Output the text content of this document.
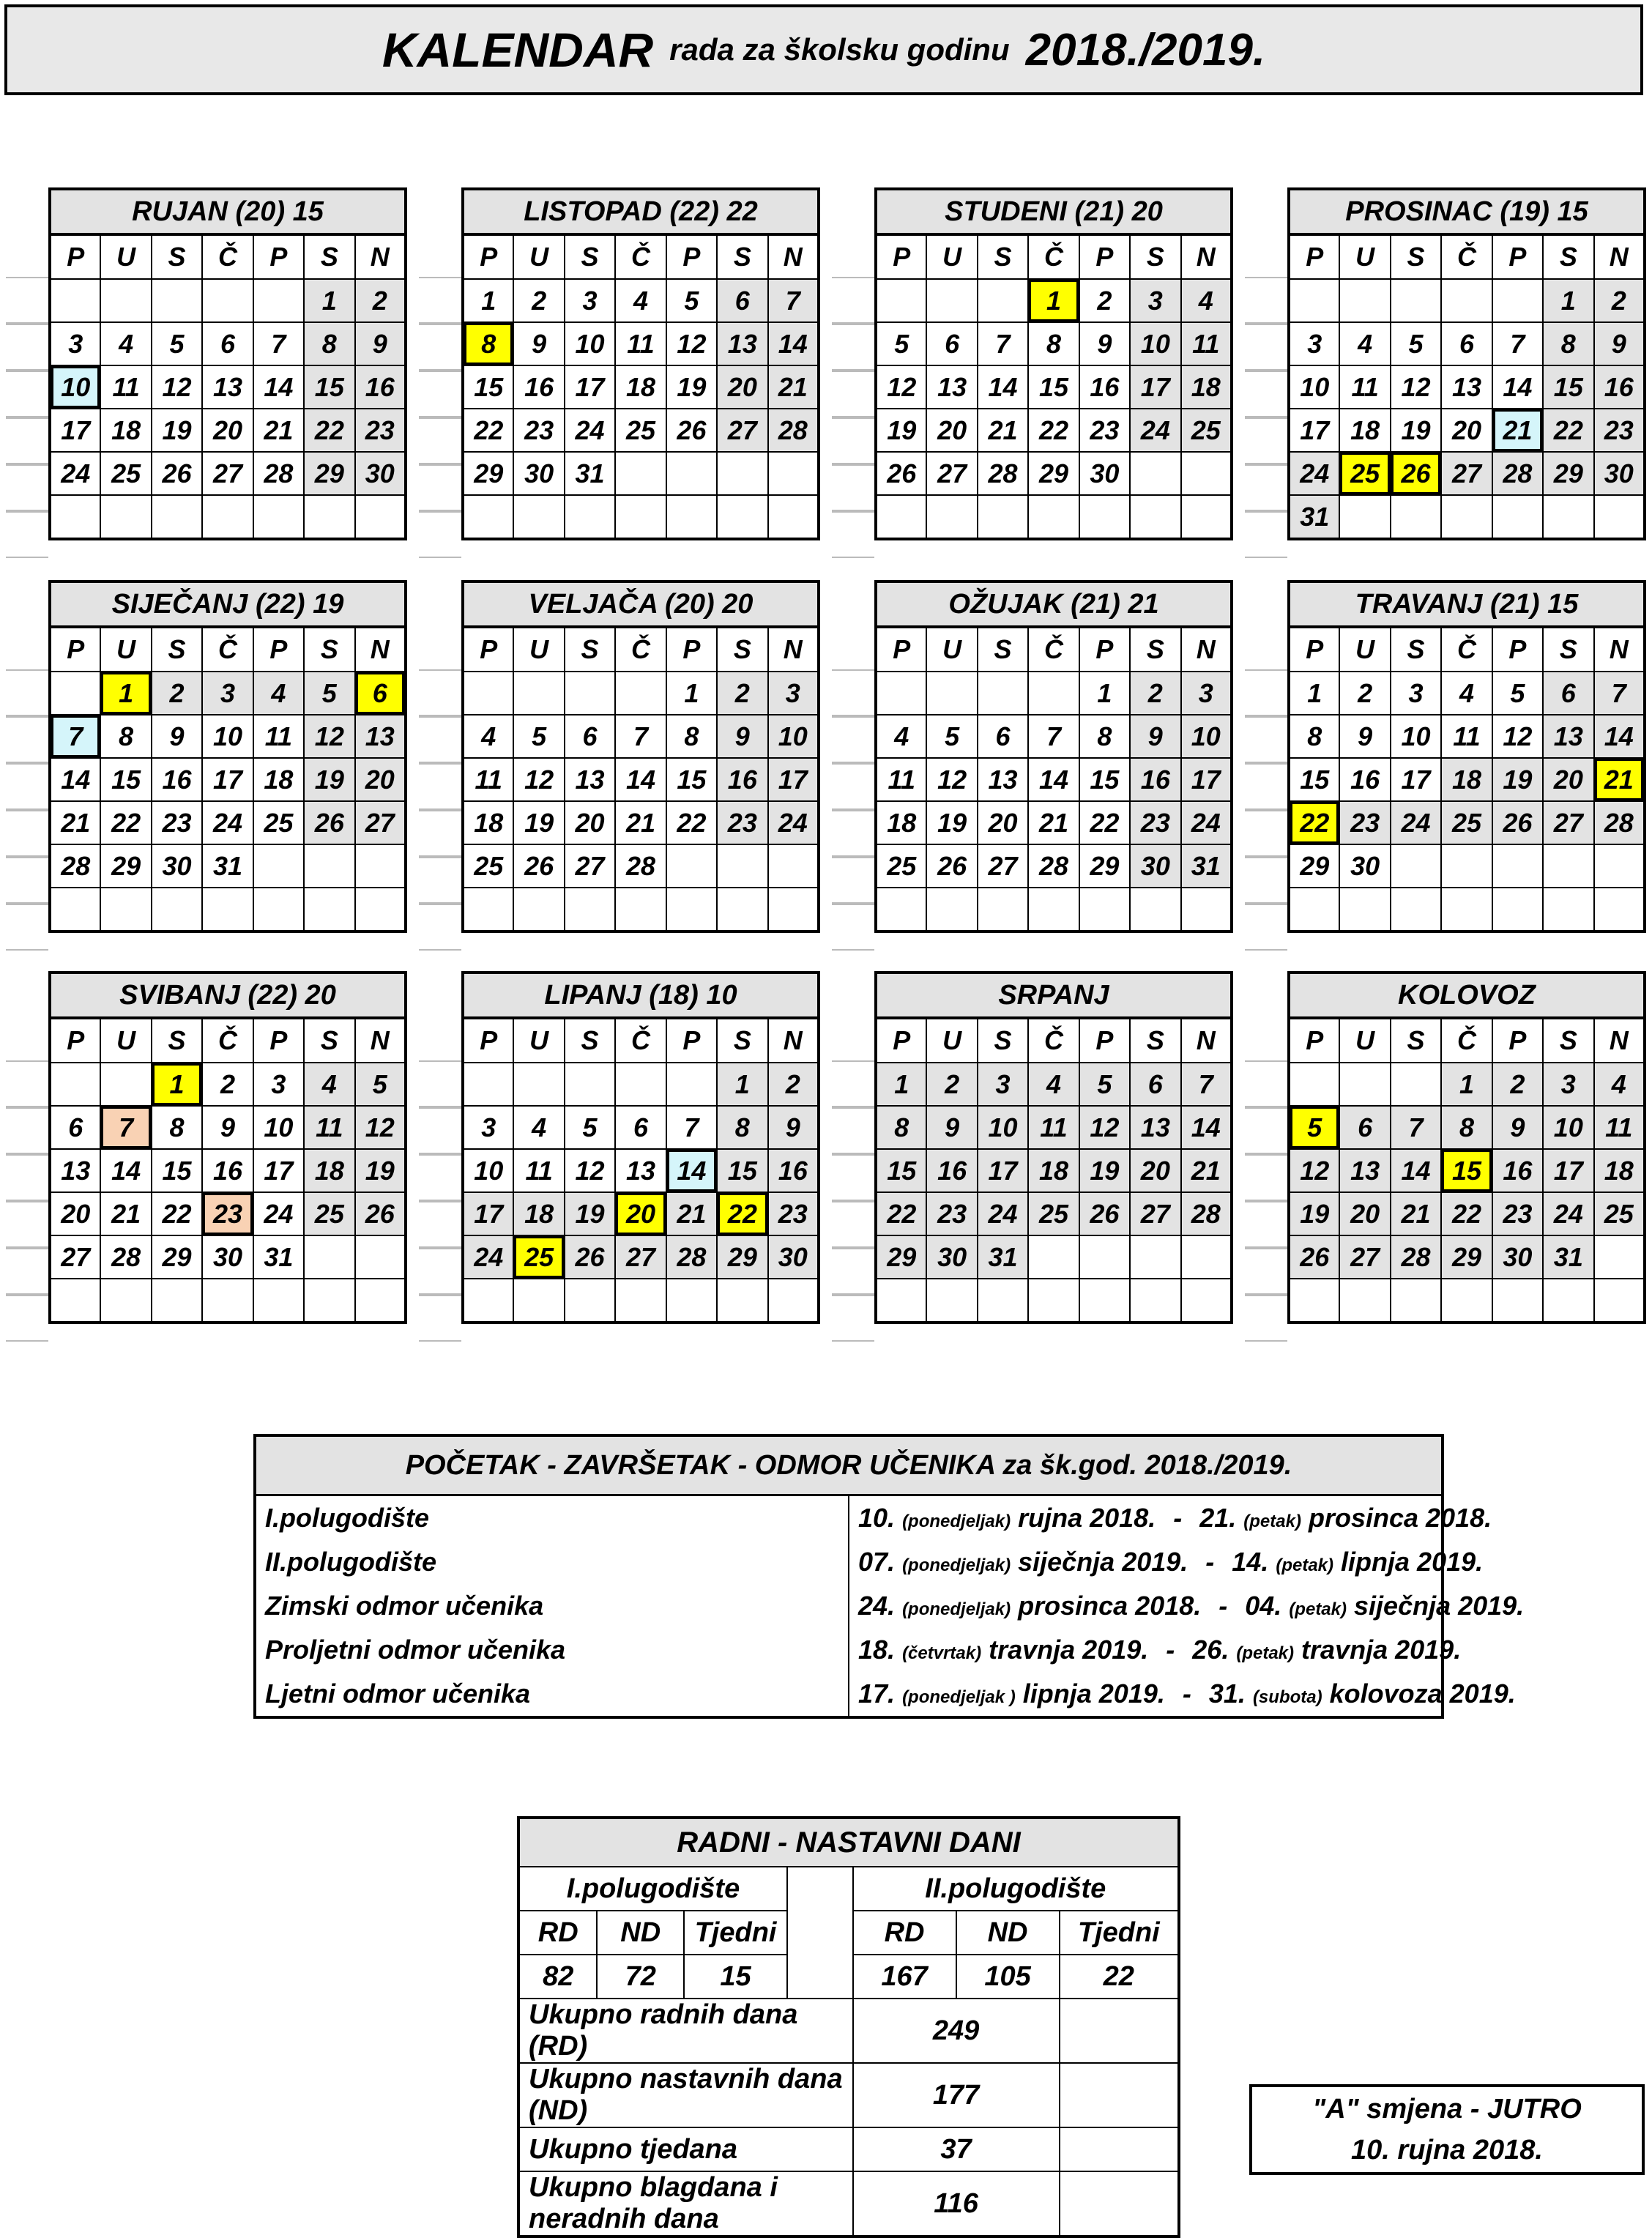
KALENDAR rada za školsku godinu 2018./2019.
RUJAN (20) 15						
P	U	S	Č	P	S	N
					1	2
3	4	5	6	7	8	9
10	11	12	13	14	15	16
17	18	19	20	21	22	23
24	25	26	27	28	29	30

LISTOPAD (22) 22						
P	U	S	Č	P	S	N
1	2	3	4	5	6	7
8	9	10	11	12	13	14
15	16	17	18	19	20	21
22	23	24	25	26	27	28
29	30	31				

STUDENI (21) 20						
P	U	S	Č	P	S	N
			1	2	3	4
5	6	7	8	9	10	11
12	13	14	15	16	17	18
19	20	21	22	23	24	25
26	27	28	29	30		

PROSINAC (19) 15						
P	U	S	Č	P	S	N
					1	2
3	4	5	6	7	8	9
10	11	12	13	14	15	16
17	18	19	20	21	22	23
24	25	26	27	28	29	30
31						
SIJEČANJ (22) 19						
P	U	S	Č	P	S	N
	1	2	3	4	5	6
7	8	9	10	11	12	13
14	15	16	17	18	19	20
21	22	23	24	25	26	27
28	29	30	31			

VELJAČA (20) 20						
P	U	S	Č	P	S	N
				1	2	3
4	5	6	7	8	9	10
11	12	13	14	15	16	17
18	19	20	21	22	23	24
25	26	27	28			

OŽUJAK (21) 21						
P	U	S	Č	P	S	N
				1	2	3
4	5	6	7	8	9	10
11	12	13	14	15	16	17
18	19	20	21	22	23	24
25	26	27	28	29	30	31

TRAVANJ (21) 15						
P	U	S	Č	P	S	N
1	2	3	4	5	6	7
8	9	10	11	12	13	14
15	16	17	18	19	20	21
22	23	24	25	26	27	28
29	30					

SVIBANJ (22) 20						
P	U	S	Č	P	S	N
		1	2	3	4	5
6	7	8	9	10	11	12
13	14	15	16	17	18	19
20	21	22	23	24	25	26
27	28	29	30	31		

LIPANJ (18) 10						
P	U	S	Č	P	S	N
					1	2
3	4	5	6	7	8	9
10	11	12	13	14	15	16
17	18	19	20	21	22	23
24	25	26	27	28	29	30

SRPANJ						
P	U	S	Č	P	S	N
1	2	3	4	5	6	7
8	9	10	11	12	13	14
15	16	17	18	19	20	21
22	23	24	25	26	27	28
29	30	31				

KOLOVOZ						
P	U	S	Č	P	S	N
			1	2	3	4
5	6	7	8	9	10	11
12	13	14	15	16	17	18
19	20	21	22	23	24	25
26	27	28	29	30	31	

POČETAK - ZAVRŠETAK - ODMOR UČENIKA za šk.god. 2018./2019.	
I.polugodište	10. (ponedjeljak) rujna 2018. - 21. (petak) prosinca 2018.
II.polugodište	07. (ponedjeljak) siječnja 2019. - 14. (petak) lipnja 2019.
Zimski odmor učenika	24. (ponedjeljak) prosinca 2018. - 04. (petak) siječnja 2019.
Proljetni odmor učenika	18. (četvrtak) travnja 2019. - 26. (petak) travnja 2019.
Ljetni odmor učenika	17. (ponedjeljak ) lipnja 2019. - 31. (subota) kolovoza 2019.
RADNI - NASTAVNI DANI						
I.polugodište				II.polugodište		
RD	ND	Tjedni		RD	ND	Tjedni
82	72	15		167	105	22
Ukupno radnih dana (RD)				249		
Ukupno nastavnih dana (ND)				177		
Ukupno tjedana				37		
Ukupno blagdana i neradnih dana				116		
"A" smjena - JUTRO
10. rujna 2018.
